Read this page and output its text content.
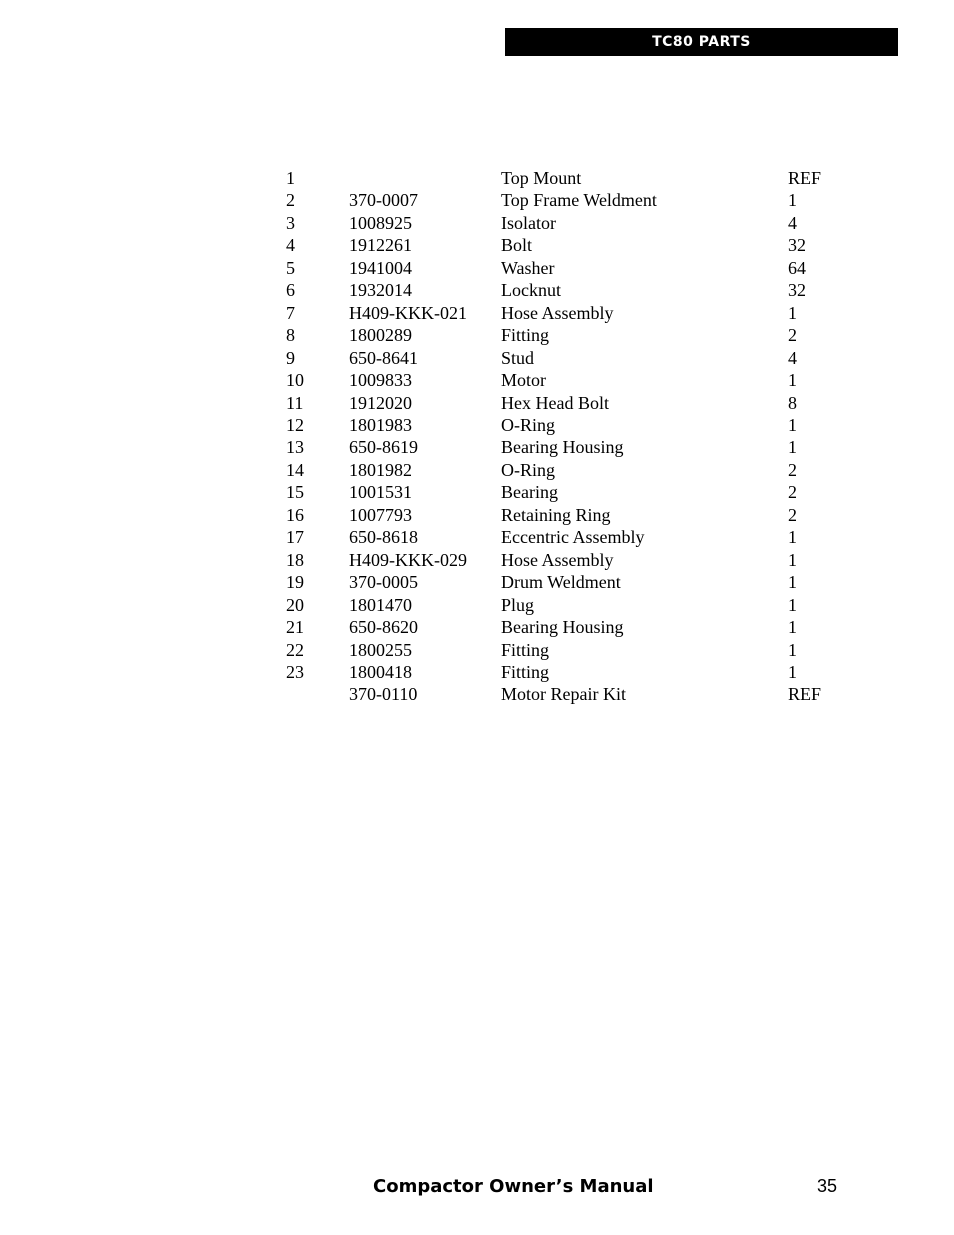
TC80 PARTS
1		Top Mount	REF
2	370-0007	Top Frame Weldment	1
3	1008925	Isolator	4
4	1912261	Bolt	32
5	1941004	Washer	64
6	1932014	Locknut	32
7	H409-KKK-021	Hose Assembly	1
8	1800289	Fitting	2
9	650-8641	Stud	4
10	1009833	Motor	1
11	1912020	Hex Head Bolt	8
12	1801983	O-Ring	1
13	650-8619	Bearing Housing	1
14	1801982	O-Ring	2
15	1001531	Bearing	2
16	1007793	Retaining Ring	2
17	650-8618	Eccentric Assembly	1
18	H409-KKK-029	Hose Assembly	1
19	370-0005	Drum Weldment	1
20	1801470	Plug	1
21	650-8620	Bearing Housing	1
22	1800255	Fitting	1
23	1800418	Fitting	1
	370-0110	Motor Repair Kit	REF
Compactor Owner’s Manual	35
